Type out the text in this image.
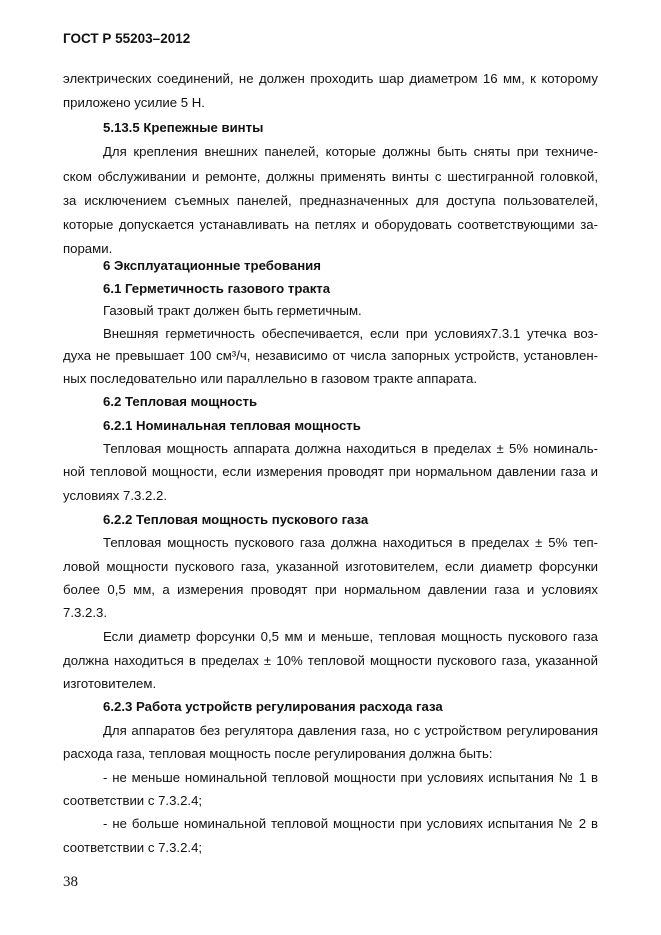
ГОСТ Р 55203–2012
электрических соединений, не должен проходить шар диаметром 16 мм, к которому
приложено усилие 5 Н.
5.13.5 Крепежные винты
Для крепления внешних панелей, которые должны быть сняты при техниче-
ском обслуживании и ремонте, должны применять винты с шестигранной головкой,
за исключением съемных панелей, предназначенных для доступа пользователей,
которые допускается устанавливать на петлях и оборудовать соответствующими за-
порами.
6 Эксплуатационные требования
6.1 Герметичность газового тракта
Газовый тракт должен быть герметичным.
Внешняя герметичность обеспечивается, если при условиях7.3.1 утечка воз-
духа не превышает 100 см³/ч, независимо от числа запорных устройств, установлен-
ных последовательно или параллельно в газовом тракте аппарата.
6.2 Тепловая мощность
6.2.1 Номинальная тепловая мощность
Тепловая мощность аппарата должна находиться в пределах ± 5% номиналь-
ной тепловой мощности, если измерения проводят при нормальном давлении газа и
условиях 7.3.2.2.
6.2.2 Тепловая мощность пускового газа
Тепловая мощность пускового газа должна находиться в пределах ± 5% теп-
ловой мощности пускового газа, указанной изготовителем, если диаметр форсунки
более 0,5 мм, а измерения проводят при нормальном давлении газа и условиях
7.3.2.3.
Если диаметр форсунки 0,5 мм и меньше, тепловая мощность пускового газа
должна находиться в пределах ± 10% тепловой мощности пускового газа, указанной
изготовителем.
6.2.3 Работа устройств регулирования расхода газа
Для аппаратов без регулятора давления газа, но с устройством регулирования
расхода газа, тепловая мощность после регулирования должна быть:
- не меньше номинальной тепловой мощности при условиях испытания № 1 в
соответствии с 7.3.2.4;
- не больше номинальной тепловой мощности при условиях испытания № 2 в
соответствии с 7.3.2.4;
38
